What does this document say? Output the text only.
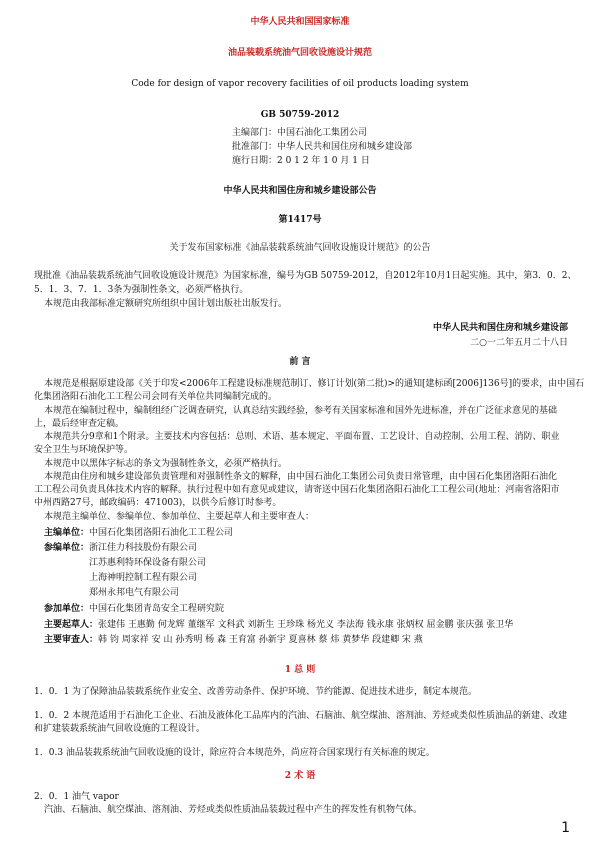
中华人民共和国国家标准
油品装载系统油气回收设施设计规范
Code for design of vapor recovery facilities of oil products loading system
GB 50759-2012
主编部门：中国石油化工集团公司
批准部门：中华人民共和国住房和城乡建设部
施行日期：2 0 1 2 年 1 0 月 1 日
中华人民共和国住房和城乡建设部公告
第1417号
关于发布国家标准《油品装载系统油气回收设施设计规范》的公告
现批准《油品装载系统油气回收设施设计规范》为国家标准，编号为GB 50759-2012，自2012年10月1日起实施。其中，第3．0．2、
5．1．3、7．1．3条为强制性条文，必须严格执行。
本规范由我部标准定额研究所组织中国计划出版社出版发行。
中华人民共和国住房和城乡建设部
二○一二年五月二十八日
前 言
本规范是根据原建设部《关于印发<2006年工程建设标准规范制订、修订计划(第二批)>的通知[建标函[2006]136号]的要求，由中国石
化集团洛阳石油化工工程公司会同有关单位共同编制完成的。
本规范在编制过程中，编制组经广泛调查研究，认真总结实践经验，参考有关国家标准和国外先进标准，并在广泛征求意见的基础
上，最后经审查定稿。
本规范共分9章和1个附录。主要技术内容包括：总则、术语、基本规定、平面布置、工艺设计、自动控制、公用工程、消防、职业
安全卫生与环境保护等。
本规范中以黑体字标志的条文为强制性条文，必须严格执行。
本规范由住房和城乡建设部负责管理和对强制性条文的解释，由中国石油化工集团公司负责日常管理，由中国石化集团洛阳石油化
工工程公司负责具体技术内容的解释。执行过程中如有意见或建议，请寄送中国石化集团洛阳石油化工工程公司(地址：河南省洛阳市
中州西路27号，邮政编码：471003)，以供今后修订时参考。
本规范主编单位、参编单位、参加单位、主要起草人和主要审查人：
主编单位：中国石化集团洛阳石油化工工程公司
参编单位：浙江佳力科技股份有限公司
江苏惠利特环保设备有限公司
上海神明控制工程有限公司
郑州永邦电气有限公司
参加单位：中国石化集团青岛安全工程研究院
主要起草人：张建伟 王惠勤 何龙辉 董继军 文科武 刘新生 王珍珠 杨光义 李法海 钱永康 张炳权 屈金鹏 张庆强 张卫华
主要审查人：韩 钧 周家祥 安 山 孙秀明 杨 森 王育富 孙新宇 夏喜林 蔡 炜 黄梦华 段建卿 宋 燕
1 总 则
1．0．1 为了保障油品装载系统作业安全、改善劳动条件、保护环境、节约能源、促进技术进步，制定本规范。
1．0．2 本规范适用于石油化工企业、石油及液体化工品库内的汽油、石脑油、航空煤油、溶剂油、芳烃或类似性质油品的新建、改建
和扩建装载系统油气回收设施的工程设计。
1．0.3 油品装载系统油气回收设施的设计，除应符合本规范外，尚应符合国家现行有关标准的规定。
2 术 语
2．0．1 油气 vapor
汽油、石脑油、航空煤油、溶剂油、芳烃或类似性质油品装载过程中产生的挥发性有机物气体。
1
